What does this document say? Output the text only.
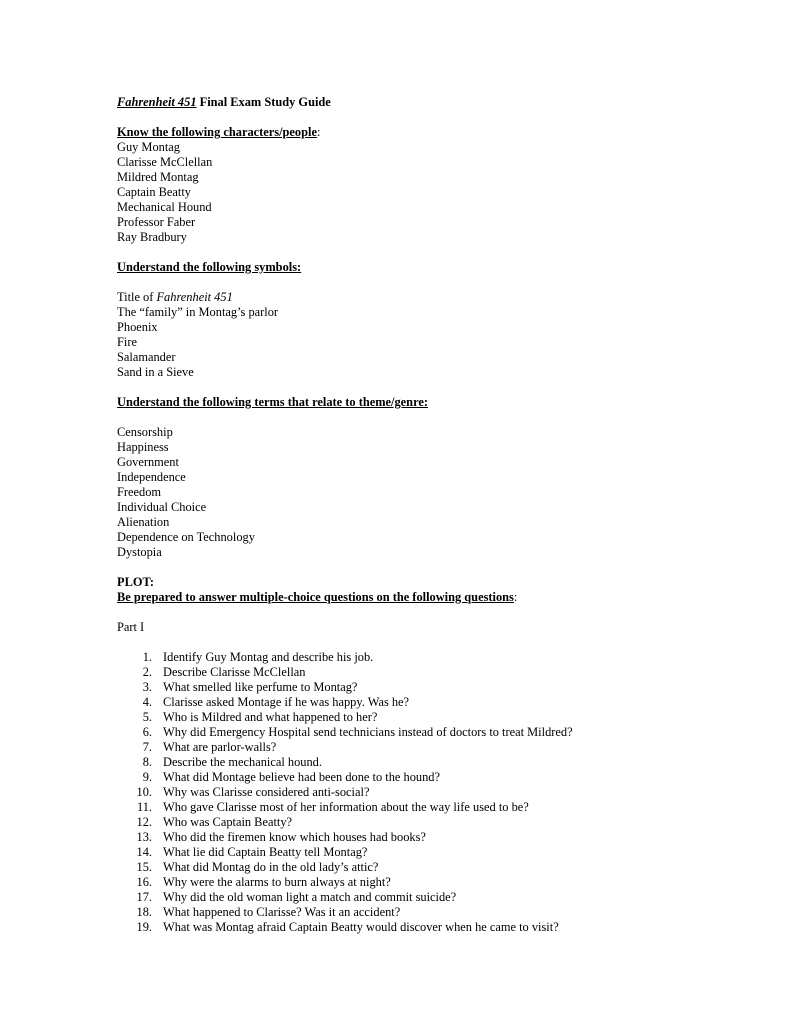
Fahrenheit 451 Final Exam Study Guide
Know the following characters/people:
Guy Montag
Clarisse McClellan
Mildred Montag
Captain Beatty
Mechanical Hound
Professor Faber
Ray Bradbury
Understand the following symbols:
Title of Fahrenheit 451
The “family” in Montag’s parlor
Phoenix
Fire
Salamander
Sand in a Sieve
Understand the following terms that relate to theme/genre:
Censorship
Happiness
Government
Independence
Freedom
Individual Choice
Alienation
Dependence on Technology
Dystopia
PLOT:
Be prepared to answer multiple-choice questions on the following questions:
Part I
1. Identify Guy Montag and describe his job.
2. Describe Clarisse McClellan
3. What smelled like perfume to Montag?
4. Clarisse asked Montage if he was happy. Was he?
5. Who is Mildred and what happened to her?
6. Why did Emergency Hospital send technicians instead of doctors to treat Mildred?
7. What are parlor-walls?
8. Describe the mechanical hound.
9. What did Montage believe had been done to the hound?
10. Why was Clarisse considered anti-social?
11. Who gave Clarisse most of her information about the way life used to be?
12. Who was Captain Beatty?
13. Who did the firemen know which houses had books?
14. What lie did Captain Beatty tell Montag?
15. What did Montag do in the old lady’s attic?
16. Why were the alarms to burn always at night?
17. Why did the old woman light a match and commit suicide?
18. What happened to Clarisse? Was it an accident?
19. What was Montag afraid Captain Beatty would discover when he came to visit?
